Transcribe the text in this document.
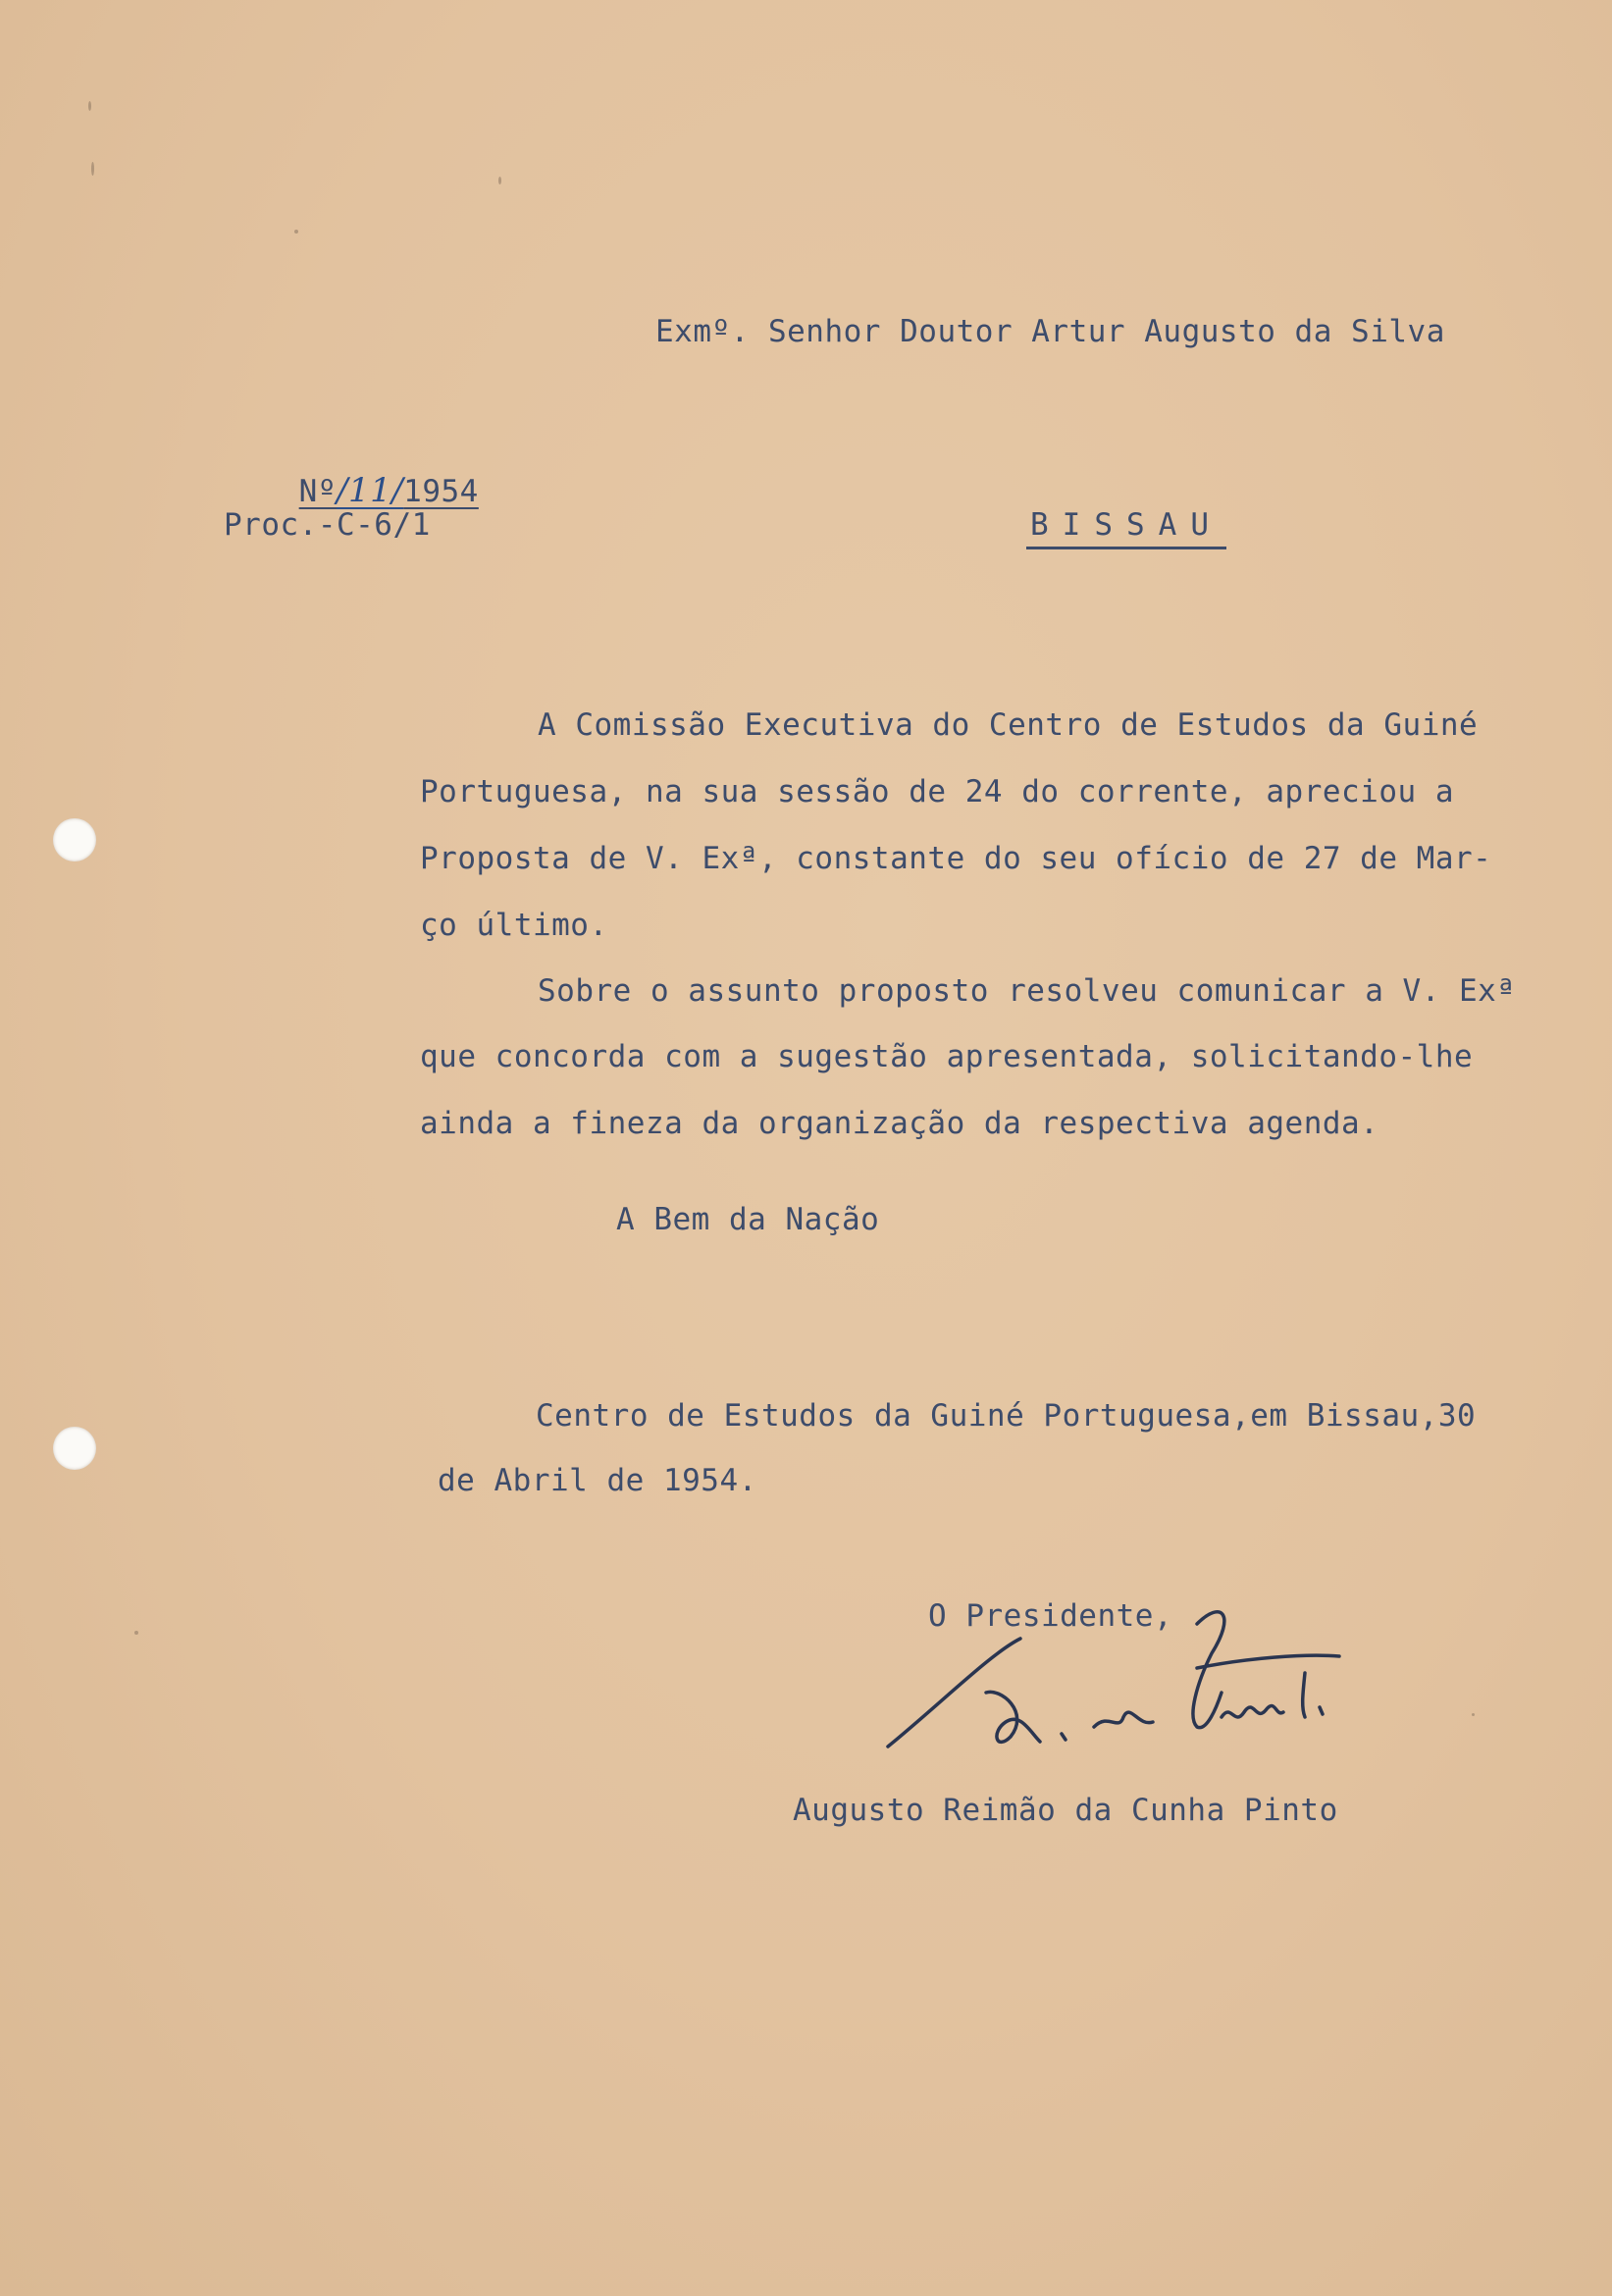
Exmº. Senhor Doutor Artur Augusto da Silva

Nº/11/1954

Proc.-C-6/1	BISSAU

A Comissão Executiva do Centro de Estudos da Guiné

Portuguesa, na sua sessão de 24 do corrente, apreciou a

Proposta de V. Exª, constante do seu ofício de 27 de Mar-

ço último.

Sobre o assunto proposto resolveu comunicar a V. Exª

que concorda com a sugestão apresentada, solicitando-lhe

ainda a fineza da organização da respectiva agenda.

A Bem da Nação

Centro de Estudos da Guiné Portuguesa,em Bissau,30

de Abril de 1954.

O Presidente,

Augusto Reimão da Cunha Pinto
